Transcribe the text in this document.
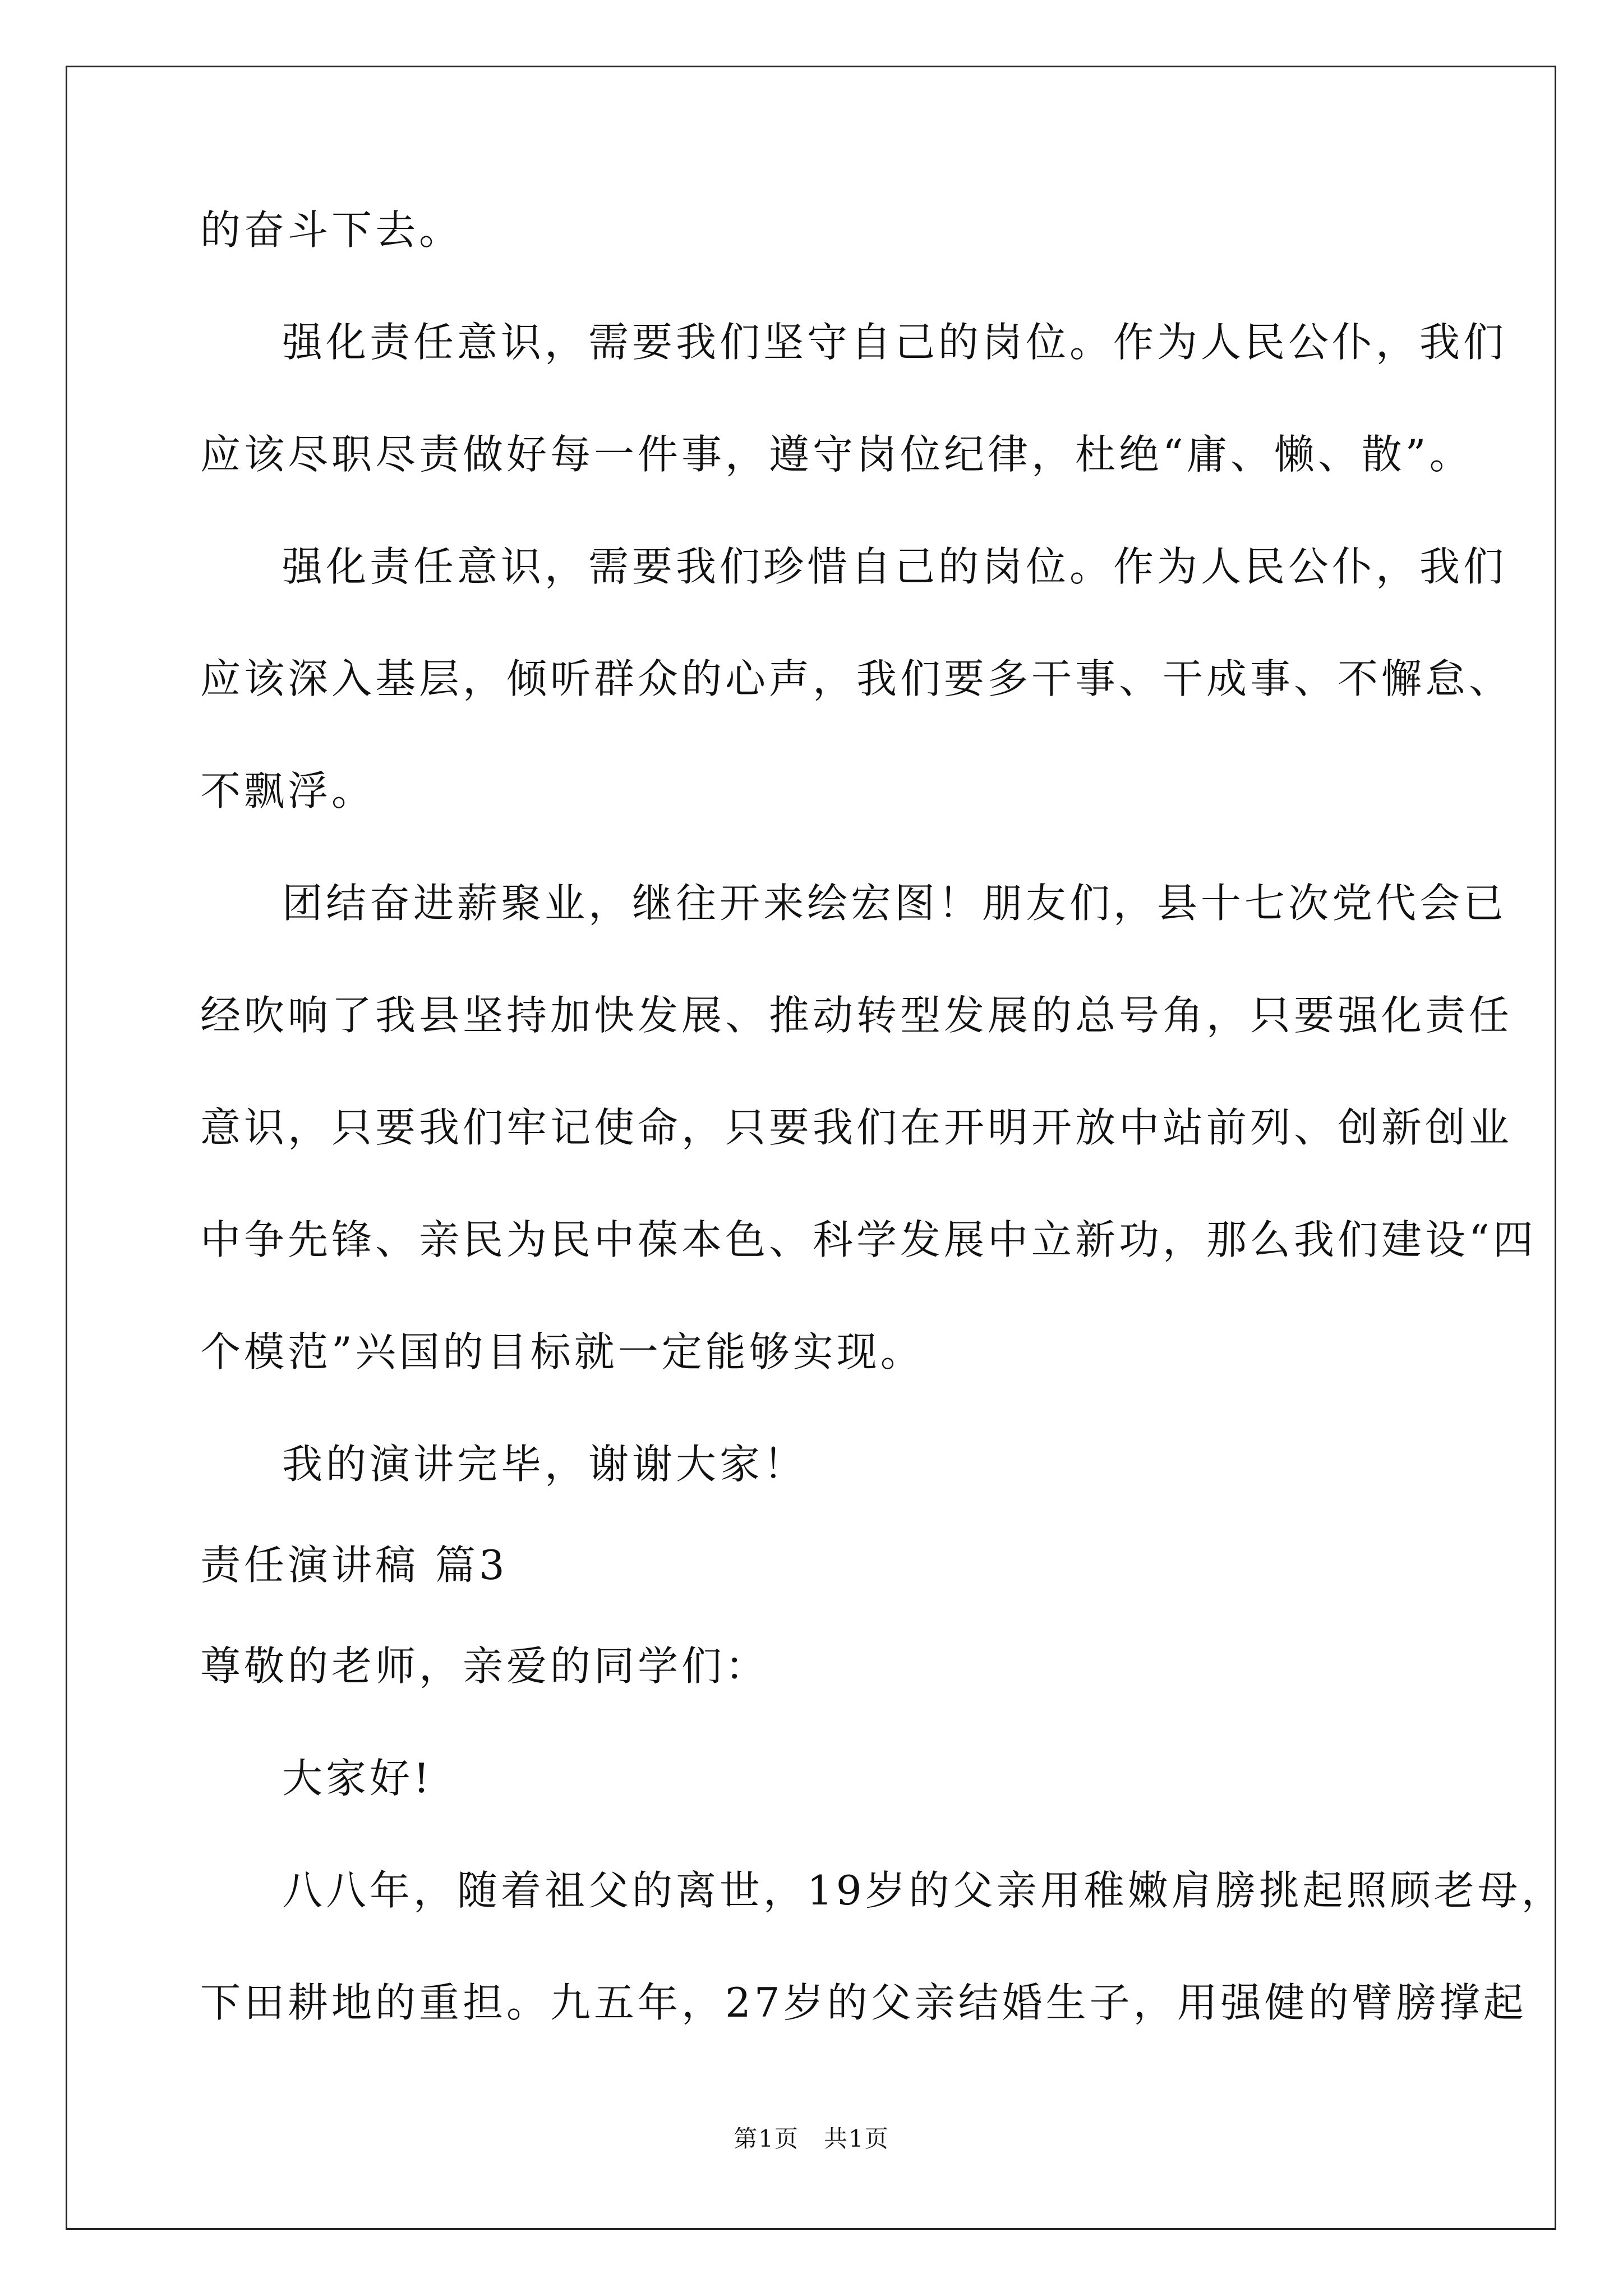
的奋斗下去。
强化责任意识，需要我们坚守自己的岗位。作为人民公仆，我们
应该尽职尽责做好每一件事，遵守岗位纪律，杜绝“庸、懒、散”。
强化责任意识，需要我们珍惜自己的岗位。作为人民公仆，我们
应该深入基层，倾听群众的心声，我们要多干事、干成事、不懈怠、
不飘浮。
团结奋进薪聚业，继往开来绘宏图！朋友们，县十七次党代会已
经吹响了我县坚持加快发展、推动转型发展的总号角，只要强化责任
意识，只要我们牢记使命，只要我们在开明开放中站前列、创新创业
中争先锋、亲民为民中葆本色、科学发展中立新功，那么我们建设“四
个模范”兴国的目标就一定能够实现。
我的演讲完毕，谢谢大家！
责任演讲稿 篇3
尊敬的老师，亲爱的同学们：
大家好!
八八年，随着祖父的离世，19岁的父亲用稚嫩肩膀挑起照顾老母，
下田耕地的重担。九五年，27岁的父亲结婚生子，用强健的臂膀撑起
第1页　共1页
